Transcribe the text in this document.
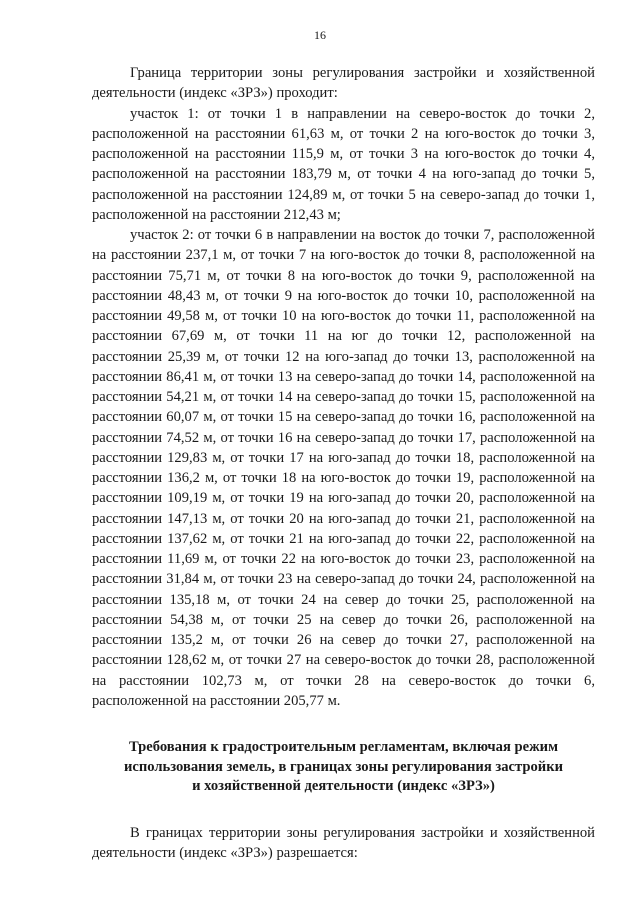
16

Граница территории зоны регулирования застройки и хозяйственной деятельности (индекс «ЗРЗ») проходит:

участок 1: от точки 1 в направлении на северо-восток до точки 2, расположенной на расстоянии 61,63 м, от точки 2 на юго-восток до точки 3, расположенной на расстоянии 115,9 м, от точки 3 на юго-восток до точки 4, расположенной на расстоянии 183,79 м, от точки 4 на юго-запад до точки 5, расположенной на расстоянии 124,89 м, от точки 5 на северо-запад до точки 1, расположенной на расстоянии 212,43 м;

участок 2: от точки 6 в направлении на восток до точки 7, расположенной на расстоянии 237,1 м, от точки 7 на юго-восток до точки 8, расположенной на расстоянии 75,71 м, от точки 8 на юго-восток до точки 9, расположенной на расстоянии 48,43 м, от точки 9 на юго-восток до точки 10, расположенной на расстоянии 49,58 м, от точки 10 на юго-восток до точки 11, расположенной на расстоянии 67,69 м, от точки 11 на юг до точки 12, расположенной на расстоянии 25,39 м, от точки 12 на юго-запад до точки 13, расположенной на расстоянии 86,41 м, от точки 13 на северо-запад до точки 14, расположенной на расстоянии 54,21 м, от точки 14 на северо-запад до точки 15, расположенной на расстоянии 60,07 м, от точки 15 на северо-запад до точки 16, расположенной на расстоянии 74,52 м, от точки 16 на северо-запад до точки 17, расположенной на расстоянии 129,83 м, от точки 17 на юго-запад до точки 18, расположенной на расстоянии 136,2 м, от точки 18 на юго-восток до точки 19, расположенной на расстоянии 109,19 м, от точки 19 на юго-запад до точки 20, расположенной на расстоянии 147,13 м, от точки 20 на юго-запад до точки 21, расположенной на расстоянии 137,62 м, от точки 21 на юго-запад до точки 22, расположенной на расстоянии 11,69 м, от точки 22 на юго-восток до точки 23, расположенной на расстоянии 31,84 м, от точки 23 на северо-запад до точки 24, расположенной на расстоянии 135,18 м, от точки 24 на север до точки 25, расположенной на расстоянии 54,38 м, от точки 25 на север до точки 26, расположенной на расстоянии 135,2 м, от точки 26 на север до точки 27, расположенной на расстоянии 128,62 м, от точки 27 на северо-восток до точки 28, расположенной на расстоянии 102,73 м, от точки 28 на северо-восток до точки 6, расположенной на расстоянии 205,77 м.

Требования к градостроительным регламентам, включая режим
использования земель, в границах зоны регулирования застройки
и хозяйственной деятельности (индекс «ЗРЗ»)

В границах территории зоны регулирования застройки и хозяйственной деятельности (индекс «ЗРЗ») разрешается:
